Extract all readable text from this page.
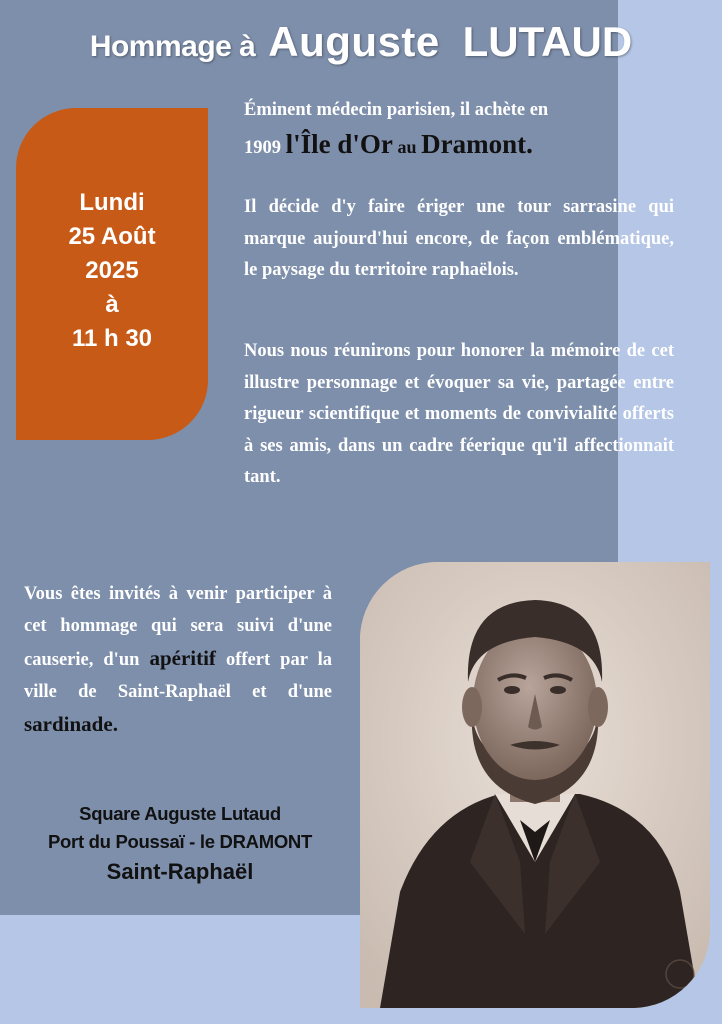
Hommage à Auguste LUTAUD
Lundi
25 Août
2025
à
11 h 30
Éminent médecin parisien, il achète en
1909 l'Île d'Or au Dramont.

Il décide d'y faire ériger une tour sarrasine qui marque aujourd'hui encore, de façon emblématique, le paysage du territoire raphaëlois.

Nous nous réunirons pour honorer la mémoire de cet illustre personnage et évoquer sa vie, partagée entre rigueur scientifique et moments de convivialité offerts à ses amis, dans un cadre féerique qu'il affectionnait tant.

Vous êtes invités à venir participer à cet hommage qui sera suivi d'une causerie, d'un apéritif offert par la ville de Saint-Raphaël et d'une sardinade.

Square Auguste Lutaud
Port du Poussaï - le DRAMONT
Saint-Raphaël
